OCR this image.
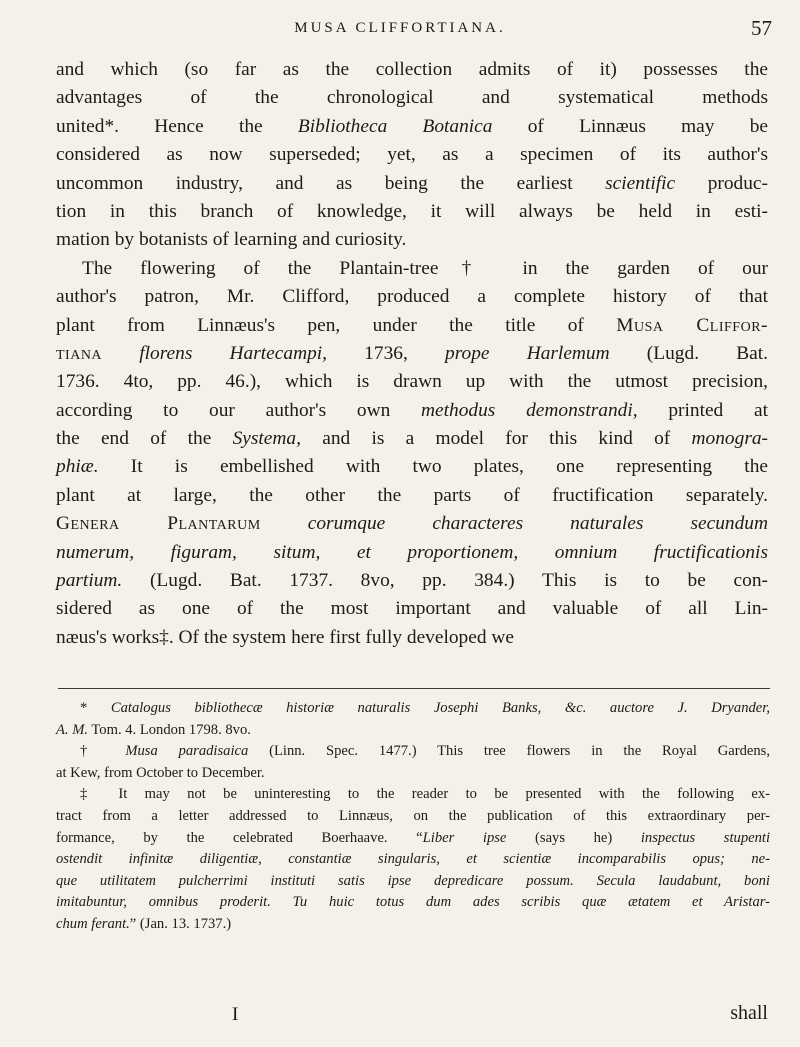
MUSA CLIFFORTIANA.	57
and which (so far as the collection admits of it) possesses the
advantages of the chronological and systematical methods
united*. Hence the Bibliotheca Botanica of Linnæus may be
considered as now superseded; yet, as a specimen of its author's
uncommon industry, and as being the earliest scientific produc-
tion in this branch of knowledge, it will always be held in esti-
mation by botanists of learning and curiosity.
The flowering of the Plantain-tree† in the garden of our
author's patron, Mr. Clifford, produced a complete history of that
plant from Linnæus's pen, under the title of Musa Cliffor-
tiana florens Hartecampi, 1736, prope Harlemum (Lugd. Bat.
1736. 4to, pp. 46.), which is drawn up with the utmost precision,
according to our author's own methodus demonstrandi, printed at
the end of the Systema, and is a model for this kind of monogra-
phiæ. It is embellished with two plates, one representing the
plant at large, the other the parts of fructification separately.
Genera Plantarum corumque characteres naturales secundum
numerum, figuram, situm, et proportionem, omnium fructificationis
partium. (Lugd. Bat. 1737. 8vo, pp. 384.) This is to be con-
sidered as one of the most important and valuable of all Lin-
næus's works‡. Of the system here first fully developed we
* Catalogus bibliothecæ historiæ naturalis Josephi Banks, &c. auctore J. Dryander,
A. M. Tom. 4. London 1798. 8vo.
† Musa paradisaica (Linn. Spec. 1477.) This tree flowers in the Royal Gardens,
at Kew, from October to December.
‡ It may not be uninteresting to the reader to be presented with the following ex-
tract from a letter addressed to Linnæus, on the publication of this extraordinary per-
formance, by the celebrated Boerhaave. “Liber ipse (says he) inspectus stupenti
ostendit infinitæ diligentiæ, constantiæ singularis, et scientiæ incomparabilis opus; ne-
que utilitatem pulcherrimi instituti satis ipse depredicare possum. Secula laudabunt, boni
imitabuntur, omnibus proderit. Tu huic totus dum ades scribis quæ ætatem et Aristar-
chum ferant.” (Jan. 13. 1737.)
I	shall
